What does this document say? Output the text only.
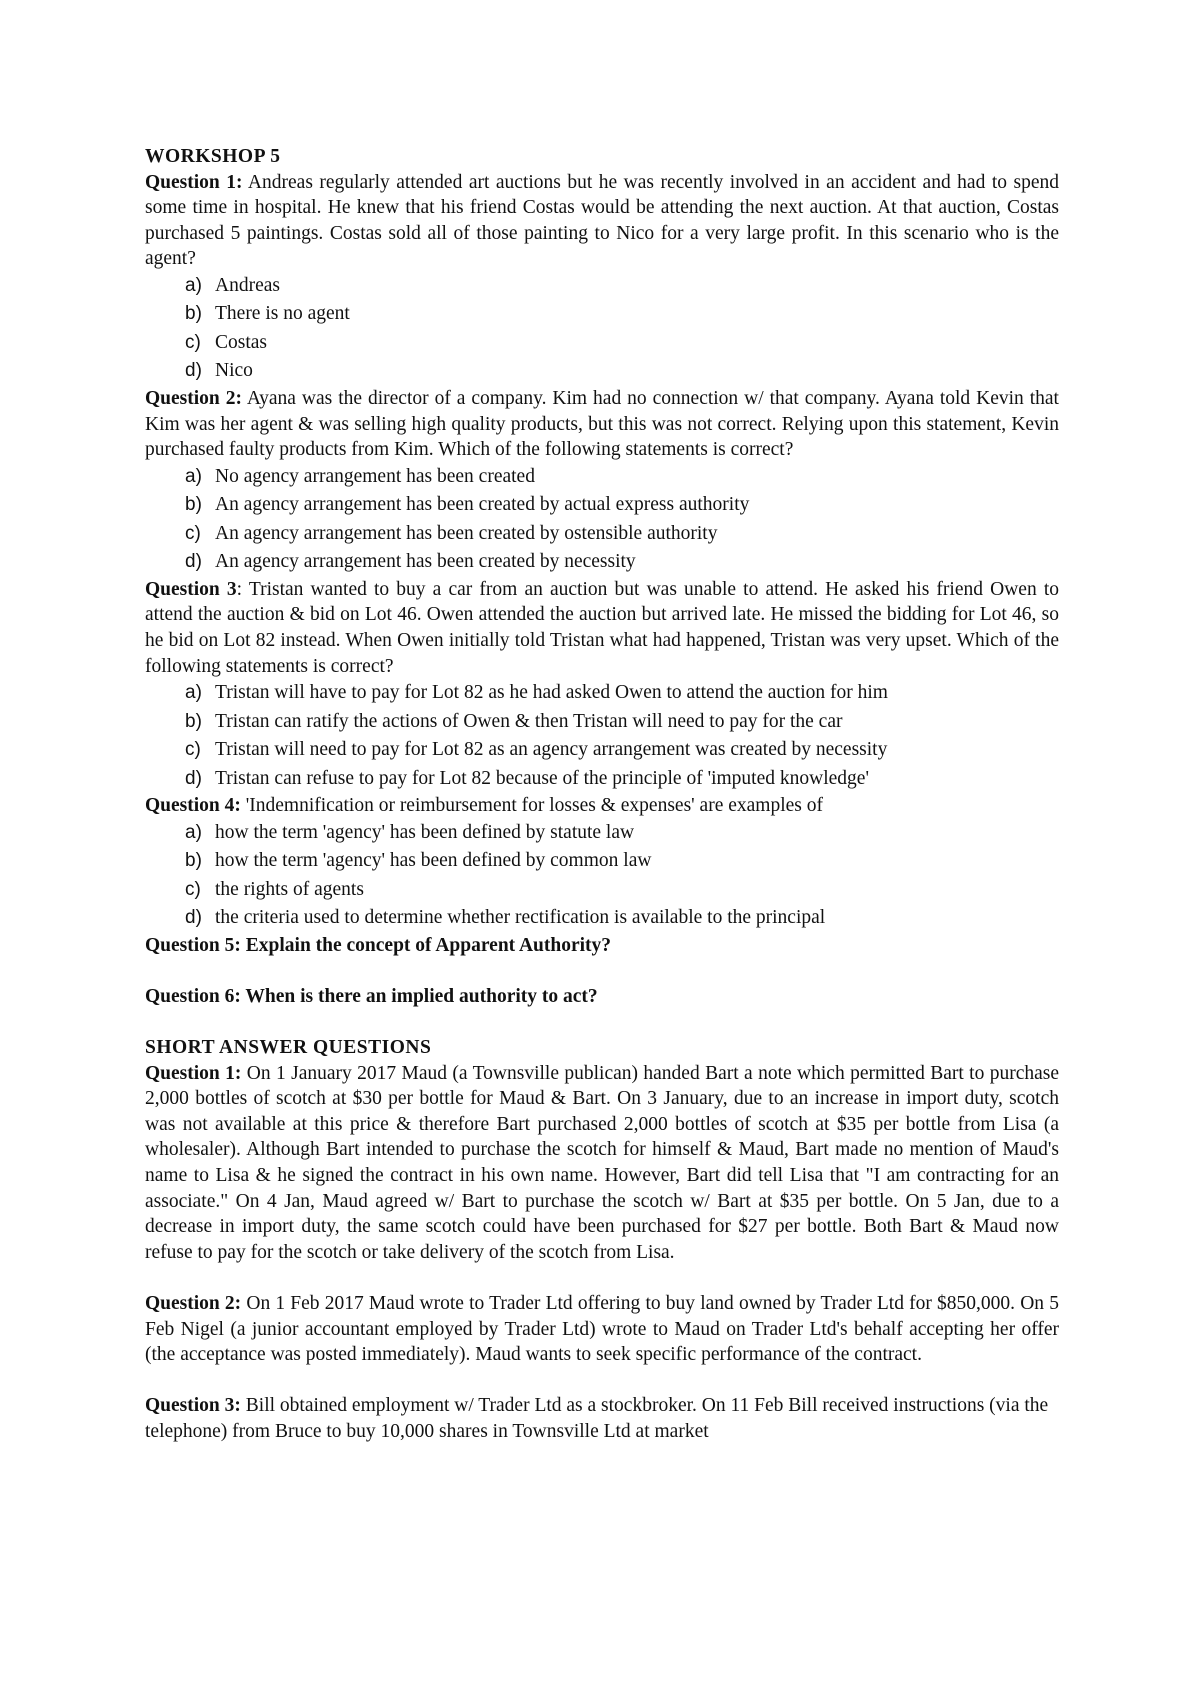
WORKSHOP 5
Question 1: Andreas regularly attended art auctions but he was recently involved in an accident and had to spend some time in hospital. He knew that his friend Costas would be attending the next auction. At that auction, Costas purchased 5 paintings. Costas sold all of those painting to Nico for a very large profit. In this scenario who is the agent?
a) Andreas
b) There is no agent
c) Costas
d) Nico
Question 2: Ayana was the director of a company. Kim had no connection w/ that company. Ayana told Kevin that Kim was her agent & was selling high quality products, but this was not correct. Relying upon this statement, Kevin purchased faulty products from Kim. Which of the following statements is correct?
a) No agency arrangement has been created
b) An agency arrangement has been created by actual express authority
c) An agency arrangement has been created by ostensible authority
d) An agency arrangement has been created by necessity
Question 3: Tristan wanted to buy a car from an auction but was unable to attend. He asked his friend Owen to attend the auction & bid on Lot 46. Owen attended the auction but arrived late. He missed the bidding for Lot 46, so he bid on Lot 82 instead. When Owen initially told Tristan what had happened, Tristan was very upset. Which of the following statements is correct?
a) Tristan will have to pay for Lot 82 as he had asked Owen to attend the auction for him
b) Tristan can ratify the actions of Owen & then Tristan will need to pay for the car
c) Tristan will need to pay for Lot 82 as an agency arrangement was created by necessity
d) Tristan can refuse to pay for Lot 82 because of the principle of 'imputed knowledge'
Question 4: 'Indemnification or reimbursement for losses & expenses' are examples of
a) how the term 'agency' has been defined by statute law
b) how the term 'agency' has been defined by common law
c) the rights of agents
d) the criteria used to determine whether rectification is available to the principal
Question 5: Explain the concept of Apparent Authority?
Question 6: When is there an implied authority to act?
SHORT ANSWER QUESTIONS
Question 1: On 1 January 2017 Maud (a Townsville publican) handed Bart a note which permitted Bart to purchase 2,000 bottles of scotch at $30 per bottle for Maud & Bart. On 3 January, due to an increase in import duty, scotch was not available at this price & therefore Bart purchased 2,000 bottles of scotch at $35 per bottle from Lisa (a wholesaler). Although Bart intended to purchase the scotch for himself & Maud, Bart made no mention of Maud's name to Lisa & he signed the contract in his own name. However, Bart did tell Lisa that "I am contracting for an associate." On 4 Jan, Maud agreed w/ Bart to purchase the scotch w/ Bart at $35 per bottle. On 5 Jan, due to a decrease in import duty, the same scotch could have been purchased for $27 per bottle. Both Bart & Maud now refuse to pay for the scotch or take delivery of the scotch from Lisa.
Question 2: On 1 Feb 2017 Maud wrote to Trader Ltd offering to buy land owned by Trader Ltd for $850,000. On 5 Feb Nigel (a junior accountant employed by Trader Ltd) wrote to Maud on Trader Ltd's behalf accepting her offer (the acceptance was posted immediately). Maud wants to seek specific performance of the contract.
Question 3: Bill obtained employment w/ Trader Ltd as a stockbroker. On 11 Feb Bill received instructions (via the telephone) from Bruce to buy 10,000 shares in Townsville Ltd at market
